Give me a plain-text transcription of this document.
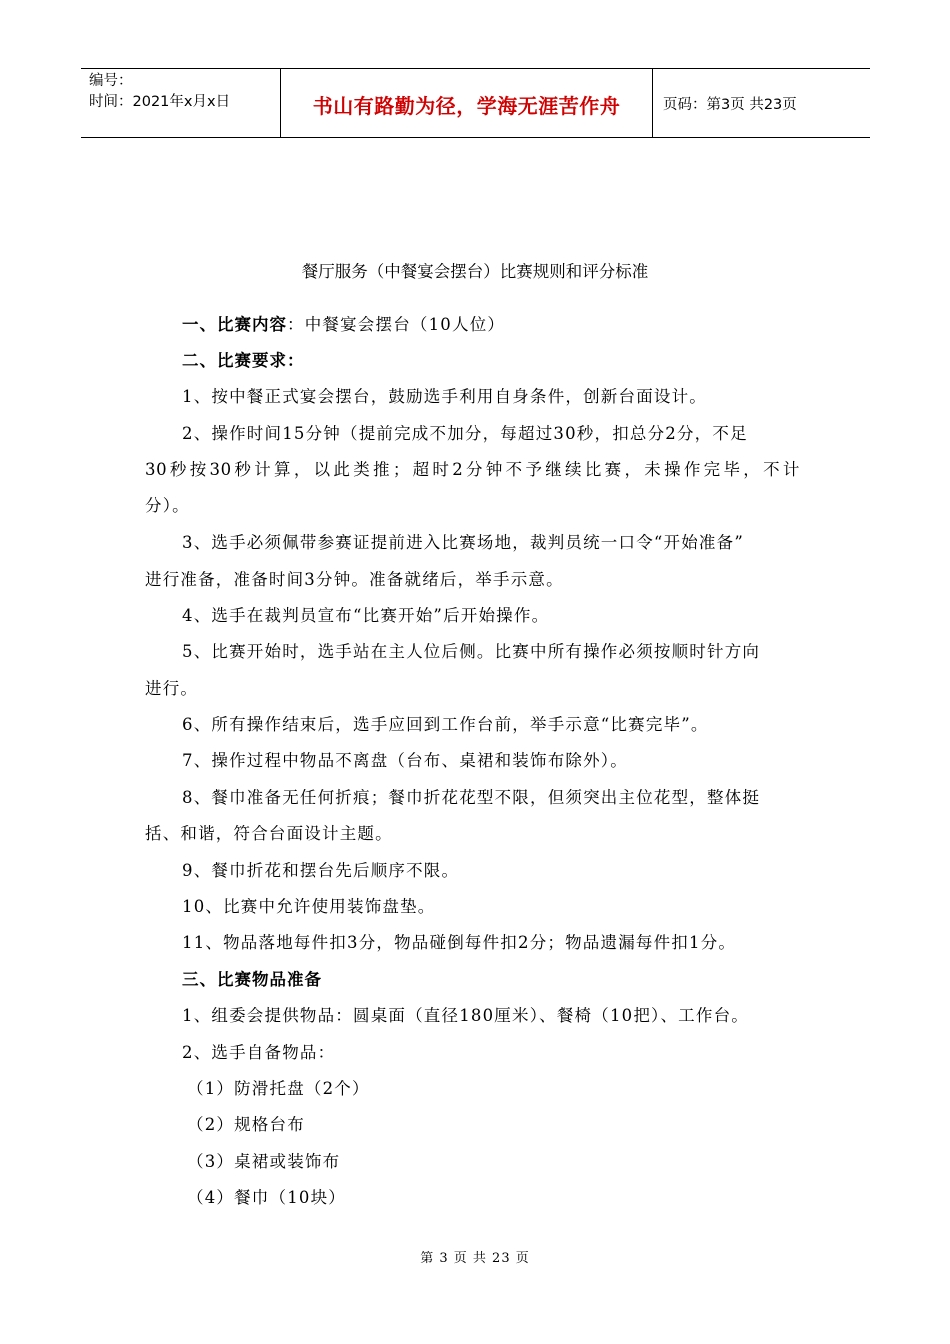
编号：
时间：2021年x月x日	书山有路勤为径，学海无涯苦作舟	页码：第3页 共23页
餐厅服务（中餐宴会摆台）比赛规则和评分标准
一、比赛内容：中餐宴会摆台（10人位）
二、比赛要求：
1、按中餐正式宴会摆台，鼓励选手利用自身条件，创新台面设计。
2、操作时间15分钟（提前完成不加分，每超过30秒，扣总分2分，不足
30秒按30秒计算，以此类推；超时2分钟不予继续比赛，未操作完毕，不计
分）。
3、选手必须佩带参赛证提前进入比赛场地，裁判员统一口令“开始准备”
进行准备，准备时间3分钟。准备就绪后，举手示意。
4、选手在裁判员宣布“比赛开始”后开始操作。
5、比赛开始时，选手站在主人位后侧。比赛中所有操作必须按顺时针方向
进行。
6、所有操作结束后，选手应回到工作台前，举手示意“比赛完毕”。
7、操作过程中物品不离盘（台布、桌裙和装饰布除外）。
8、餐巾准备无任何折痕；餐巾折花花型不限，但须突出主位花型，整体挺
括、和谐，符合台面设计主题。
9、餐巾折花和摆台先后顺序不限。
10、比赛中允许使用装饰盘垫。
11、物品落地每件扣3分，物品碰倒每件扣2分；物品遗漏每件扣1分。
三、比赛物品准备
1、组委会提供物品：圆桌面（直径180厘米）、餐椅（10把）、工作台。
2、选手自备物品：
（1）防滑托盘（2个）
（2）规格台布
（3）桌裙或装饰布
（4）餐巾（10块）
第 3 页 共 23 页
